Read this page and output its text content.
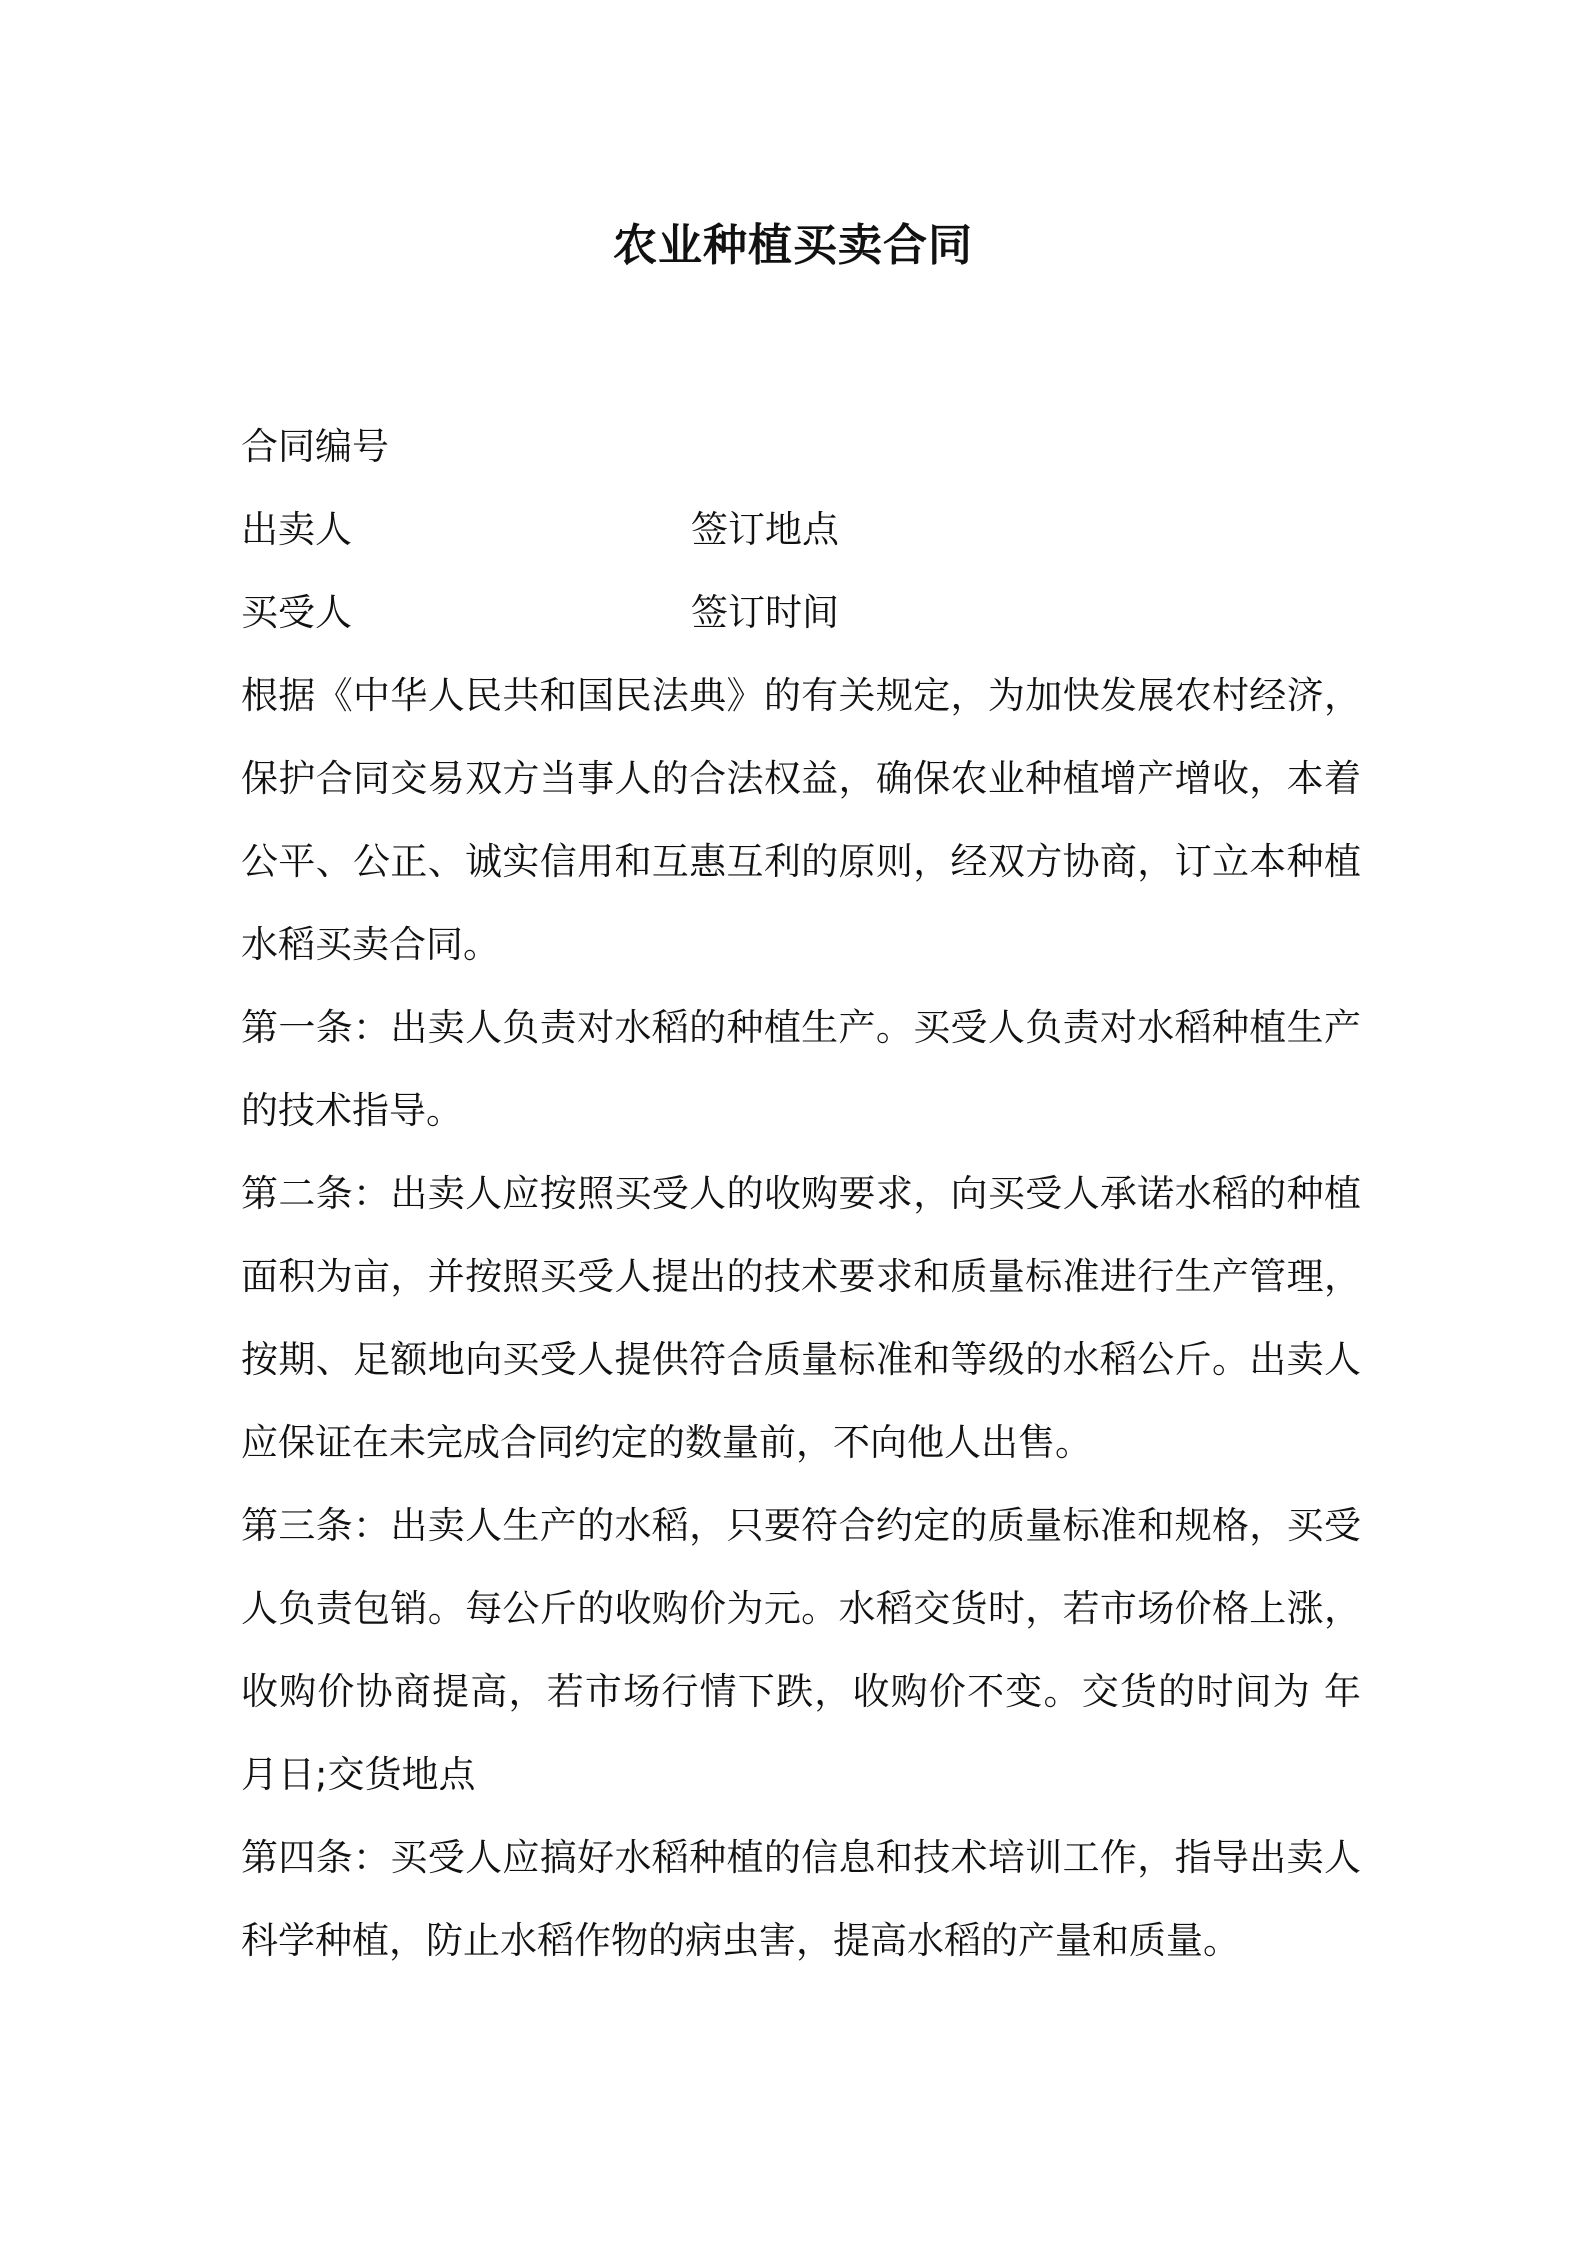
农业种植买卖合同
合同编号
出卖人	签订地点
买受人	签订时间

根据《中华人民共和国民法典》的有关规定，为加快发展农村经济，保护合同交易双方当事人的合法权益，确保农业种植增产增收，本着公平、公正、诚实信用和互惠互利的原则，经双方协商，订立本种植水稻买卖合同。

第一条：出卖人负责对水稻的种植生产。买受人负责对水稻种植生产的技术指导。

第二条：出卖人应按照买受人的收购要求，向买受人承诺水稻的种植面积为亩，并按照买受人提出的技术要求和质量标准进行生产管理，按期、足额地向买受人提供符合质量标准和等级的水稻公斤。出卖人应保证在未完成合同约定的数量前，不向他人出售。

第三条：出卖人生产的水稻，只要符合约定的质量标准和规格，买受人负责包销。每公斤的收购价为元。水稻交货时，若市场价格上涨，收购价协商提高，若市场行情下跌，收购价不变。交货的时间为 年 月日;交货地点

第四条：买受人应搞好水稻种植的信息和技术培训工作，指导出卖人科学种植，防止水稻作物的病虫害，提高水稻的产量和质量。
